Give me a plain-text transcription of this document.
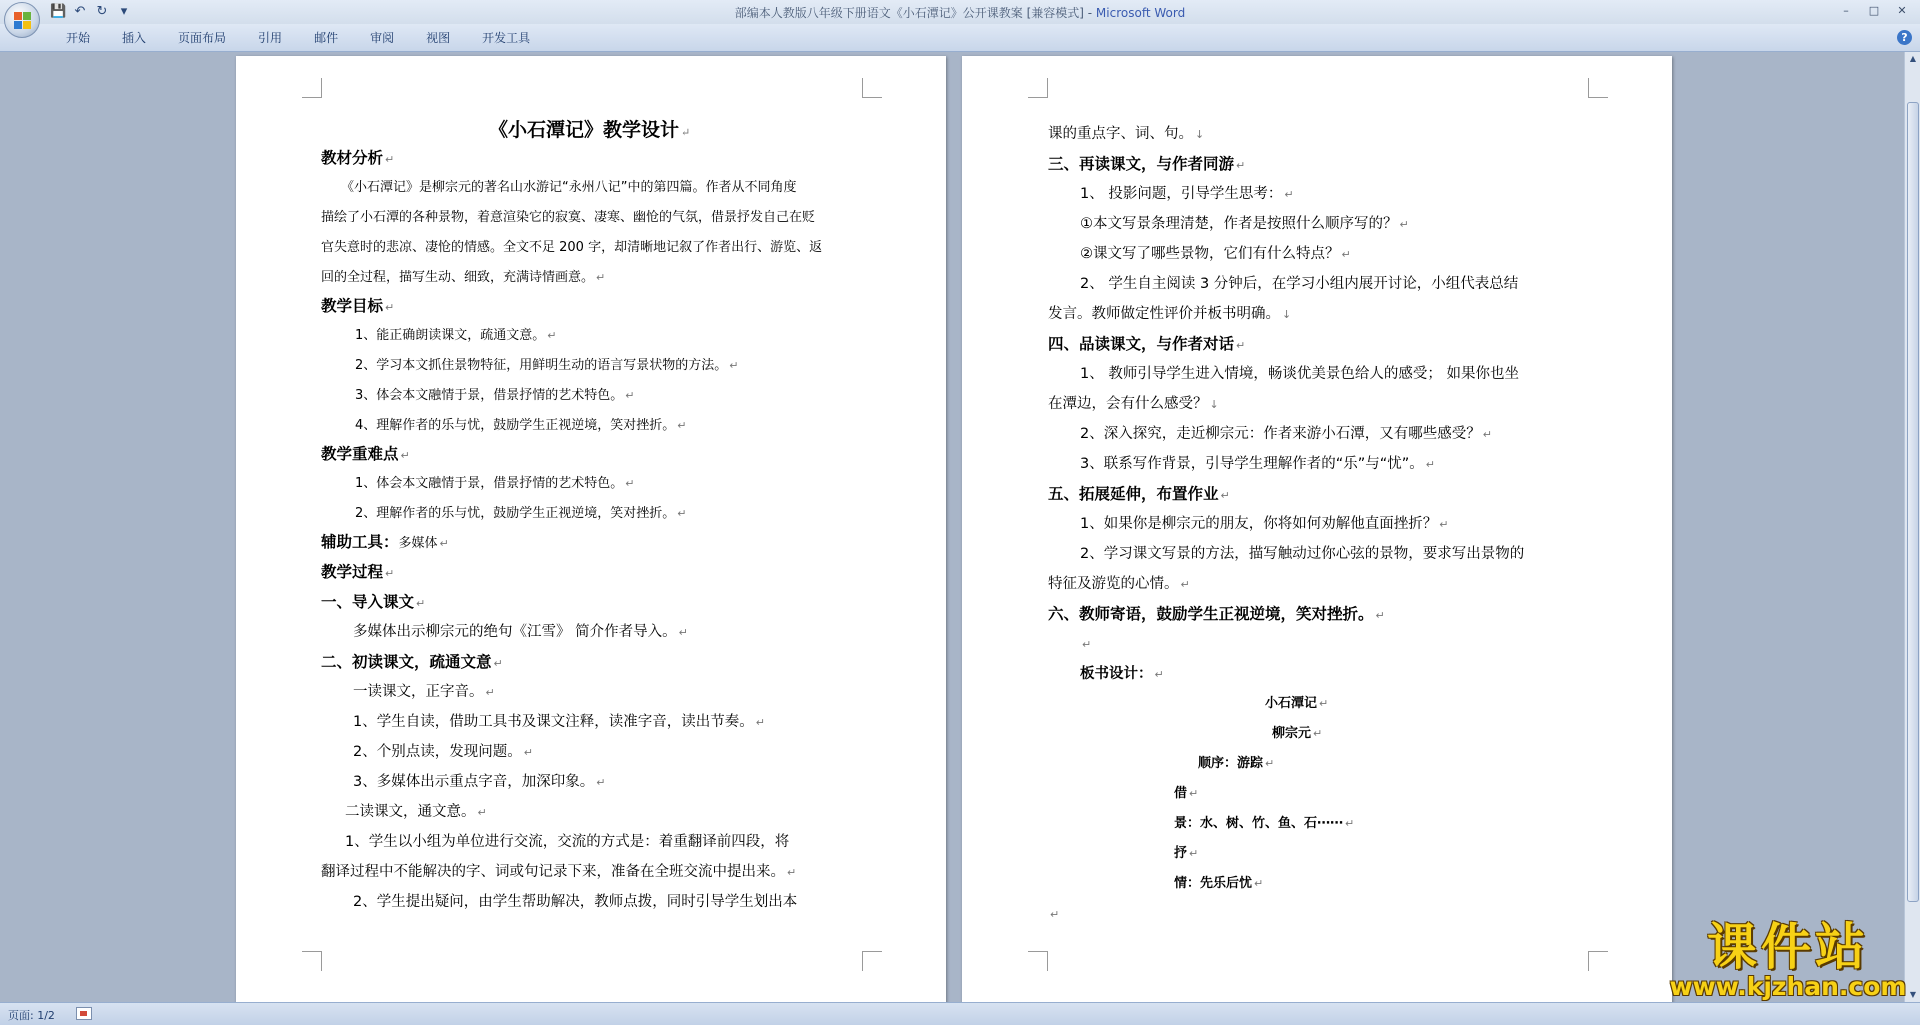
💾 ↶ ↻	▾	部编本人教版八年级下册语文《小石潭记》公开课教案 [兼容模式] - Microsoft Word	–	□	✕
开始	插入	页面布局	引用	邮件	审阅	视图	开发工具	?
《小石潭记》教学设计 ↵
教材分析 ↵
《小石潭记》是柳宗元的著名山水游记“永州八记”中的第四篇。作者从不同角度
描绘了小石潭的各种景物，着意渲染它的寂寞、凄寒、幽怆的气氛，借景抒发自己在贬
官失意时的悲凉、凄怆的情感。全文不足 200 字，却清晰地记叙了作者出行、游览、返
回的全过程，描写生动、细致，充满诗情画意。 ↵
教学目标 ↵
1、能正确朗读课文，疏通文意。 ↵
2、学习本文抓住景物特征，用鲜明生动的语言写景状物的方法。 ↵
3、体会本文融情于景，借景抒情的艺术特色。 ↵
4、理解作者的乐与忧，鼓励学生正视逆境，笑对挫折。 ↵
教学重难点 ↵
1、体会本文融情于景，借景抒情的艺术特色。 ↵
2、理解作者的乐与忧，鼓励学生正视逆境，笑对挫折。 ↵
辅助工具：多媒体 ↵
教学过程 ↵
一、导入课文 ↵
多媒体出示柳宗元的绝句《江雪》 简介作者导入。 ↵
二、初读课文，疏通文意 ↵
一读课文，正字音。 ↵
1、学生自读，借助工具书及课文注释，读准字音，读出节奏。 ↵
2、个别点读，发现问题。 ↵
3、多媒体出示重点字音，加深印象。 ↵
二读课文，通文意。 ↵
1、学生以小组为单位进行交流，交流的方式是：着重翻译前四段，将
翻译过程中不能解决的字、词或句记录下来，准备在全班交流中提出来。 ↵
2、学生提出疑问，由学生帮助解决，教师点拨，同时引导学生划出本
课的重点字、词、句。 ↓
三、再读课文，与作者同游 ↵
1、 投影问题，引导学生思考： ↵
①本文写景条理清楚，作者是按照什么顺序写的？ ↵
②课文写了哪些景物，它们有什么特点？ ↵
2、 学生自主阅读 3 分钟后，在学习小组内展开讨论，小组代表总结
发言。教师做定性评价并板书明确。 ↓
四、品读课文，与作者对话 ↵
1、 教师引导学生进入情境，畅谈优美景色给人的感受； 如果你也坐
在潭边，会有什么感受？ ↓
2、深入探究，走近柳宗元：作者来游小石潭，又有哪些感受？ ↵
3、联系写作背景，引导学生理解作者的“乐”与“忧”。 ↵
五、拓展延伸，布置作业 ↵
1、如果你是柳宗元的朋友，你将如何劝解他直面挫折？ ↵
2、学习课文写景的方法，描写触动过你心弦的景物，要求写出景物的
特征及游览的心情。 ↵
六、教师寄语，鼓励学生正视逆境，笑对挫折。 ↵
↵
板书设计： ↵
小石潭记 ↵
柳宗元 ↵
顺序：游踪 ↵
借 ↵
景：水、树、竹、鱼、石⋯⋯ ↵
抒 ↵
情：先乐后忧 ↵
↵
▲
▼
页面: 1/2
课件站
www.kjzhan.com
